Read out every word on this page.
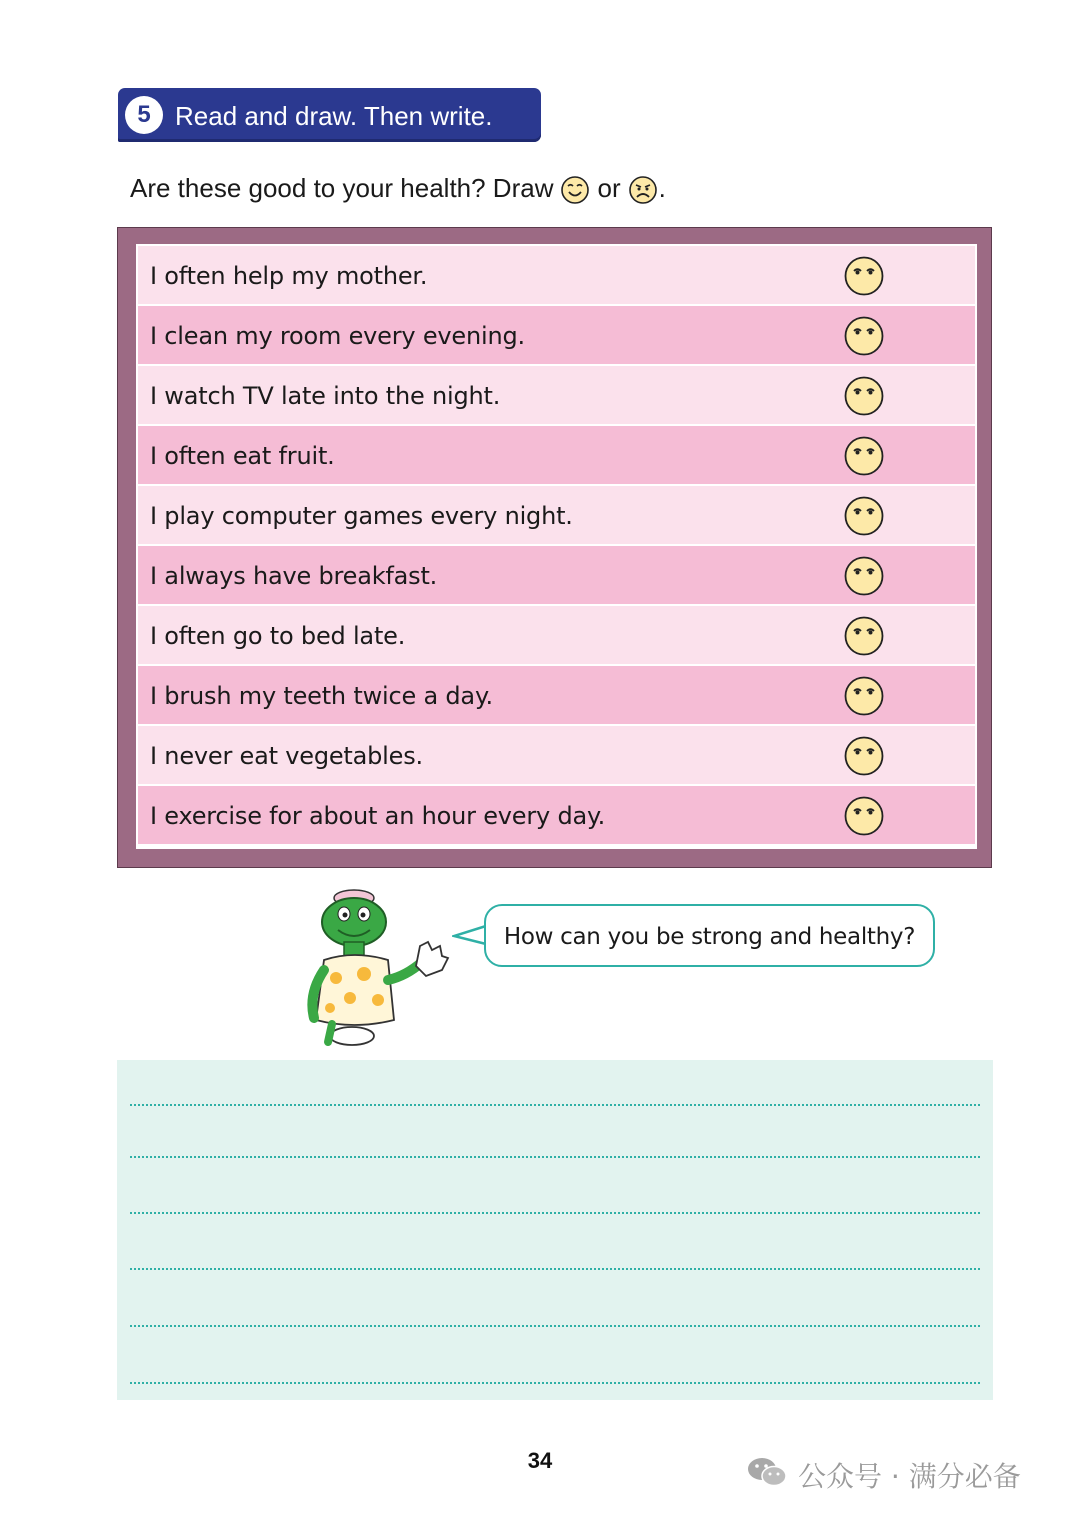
5 Read and draw. Then write.
Are these good to your health? Draw or .
I often help my mother.
I clean my room every evening.
I watch TV late into the night.
I often eat fruit.
I play computer games every night.
I always have breakfast.
I often go to bed late.
I brush my teeth twice a day.
I never eat vegetables.
I exercise for about an hour every day.
How can you be strong and healthy?
34	公众号 · 满分必备
